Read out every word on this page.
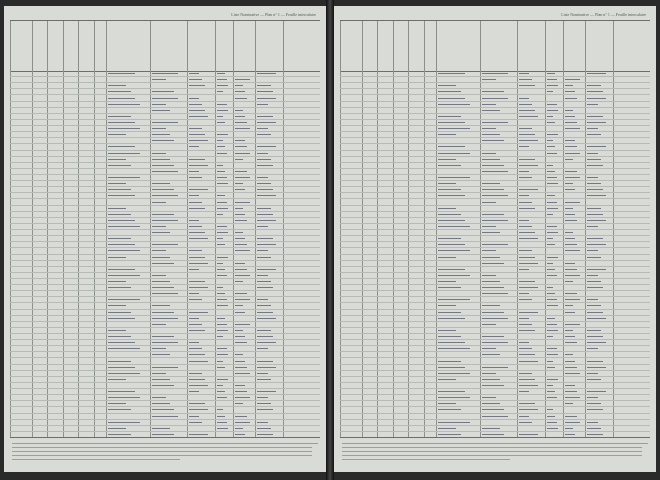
Liste Nominative — Plan n° 1 — Feuille intercalaire	Liste Nominative — Plan n° 1 — Feuille intercalaire
